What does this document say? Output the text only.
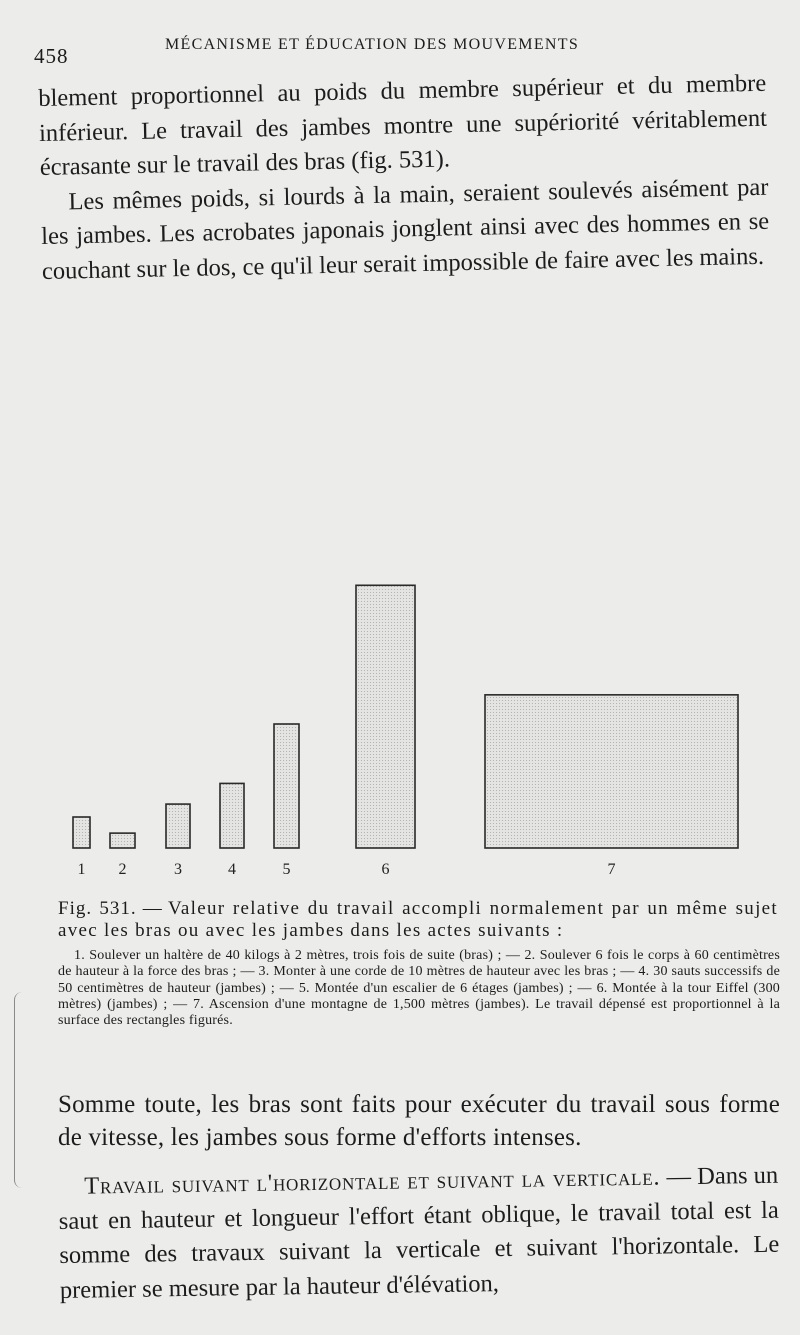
458	MÉCANISME ET ÉDUCATION DES MOUVEMENTS

blement proportionnel au poids du membre supérieur et du membre inférieur. Le travail des jambes montre une supériorité véritablement écrasante sur le travail des bras (fig. 531).
Les mêmes poids, si lourds à la main, seraient soulevés aisément par les jambes. Les acrobates japonais jonglent ainsi avec des hommes en se couchant sur le dos, ce qu'il leur serait impossible de faire avec les mains.

1 2	3	4	5	6	7

Fig. 531. — Valeur relative du travail accompli normalement par un même sujet avec les bras ou avec les jambes dans les actes suivants :

1. Soulever un haltère de 40 kilogs à 2 mètres, trois fois de suite (bras) ; — 2. Soulever 6 fois le corps à 60 centimètres de hauteur à la force des bras ; — 3. Monter à une corde de 10 mètres de hauteur avec les bras ; — 4. 30 sauts successifs de 50 centimètres de hauteur (jambes) ; — 5. Montée d'un escalier de 6 étages (jambes) ; — 6. Montée à la tour Eiffel (300 mètres) (jambes) ; — 7. Ascension d'une montagne de 1,500 mètres (jambes). Le travail dépensé est proportionnel à la surface des rectangles figurés.

Somme toute, les bras sont faits pour exécuter du travail sous forme de vitesse, les jambes sous forme d'efforts intenses.

Travail suivant l'horizontale et suivant la verticale. — Dans un saut en hauteur et longueur l'effort étant oblique, le travail total est la somme des travaux suivant la verticale et suivant l'horizontale. Le premier se mesure par la hauteur d'élévation,
